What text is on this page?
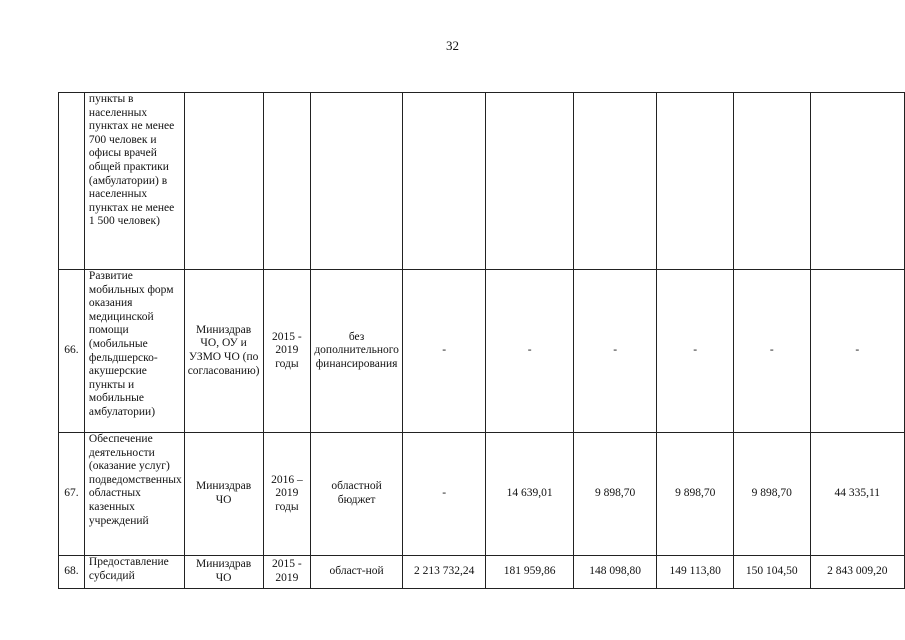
32
	пункты в населенных пунктах не менее 700 человек и офисы врачей общей практики (амбулатории) в населенных пунктах не менее 1 500 человек)									
66.	Развитие мобильных форм оказания медицинской помощи (мобильные фельдшерско-акушерские пункты и мобильные амбулатории)	Миниздрав ЧО, ОУ и УЗМО ЧО (по согласованию)	2015 - 2019 годы	без дополнительного финансирования	-	-	-	-	-	-
67.	Обеспечение деятельности (оказание услуг) подведомственных областных казенных учреждений	Миниздрав ЧО	2016 – 2019 годы	областной бюджет	-	14 639,01	9 898,70	9 898,70	9 898,70	44 335,11
68.	Предоставление субсидий	Миниздрав ЧО	2015 - 2019	област-ной	2 213 732,24	181 959,86	148 098,80	149 113,80	150 104,50	2 843 009,20
